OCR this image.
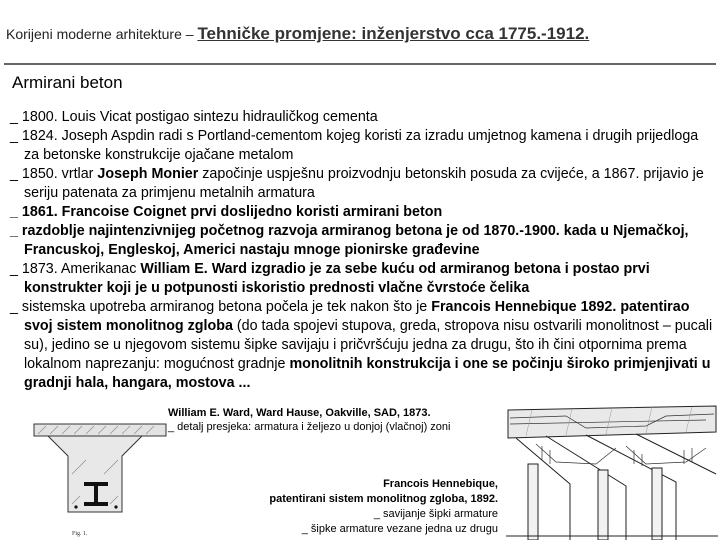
Korijeni moderne arhitekture – Tehničke promjene: inženjerstvo cca 1775.-1912.
Armirani beton
_ 1800. Louis Vicat postigao sintezu hidrauličkog cementa
_ 1824. Joseph Aspdin radi s Portland-cementom kojeg koristi za izradu umjetnog kamena i drugih prijedloga za betonske konstrukcije ojačane metalom
_ 1850. vrtlar Joseph Monier započinje uspješnu proizvodnju betonskih posuda za cvijeće, a 1867. prijavio je seriju patenata za primjenu metalnih armatura
_ 1861. Francoise Coignet prvi doslijedno koristi armirani beton
_ razdoblje najintenzivnijeg početnog razvoja armiranog betona je od 1870.-1900. kada u Njemačkoj, Francuskoj, Engleskoj, Americi nastaju mnoge pionirske građevine
_ 1873. Amerikanac William E. Ward izgradio je za sebe kuću od armiranog betona i postao prvi konstrukter koji je u potpunosti iskoristio prednosti vlačne čvrstoće čelika
_ sistemska upotreba armiranog betona počela je tek nakon što je Francois Hennebique 1892. patentirao svoj sistem monolitnog zgloba (do tada spojevi stupova, greda, stropova nisu ostvarili monolitnost – pucali su), jedino se u njegovom sistemu šipke savijaju i pričvršćuju jedna za drugu, što ih čini otpornima prema lokalnom naprezanju: mogućnost gradnje monolitnih konstrukcija i one se počinju široko primjenjivati u gradnji hala, hangara, mostova ...
Fig. 1.
William E. Ward, Ward Hause, Oakville, SAD, 1873.
_ detalj presjeka: armatura i željezo u donjoj (vlačnoj) zoni
Francois Hennebique,
patentirani sistem monolitnog zgloba, 1892.
_ savijanje šipki armature
_ šipke armature vezane jedna uz drugu
